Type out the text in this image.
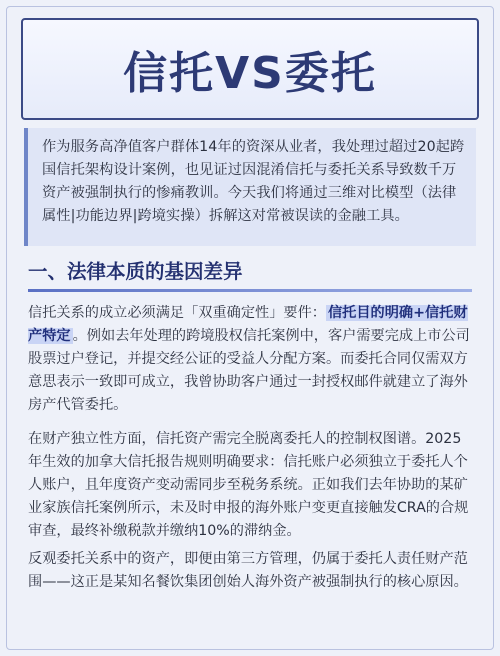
信托VS委托

作为服务高净值客户群体14年的资深从业者，我处理过超过20起跨国信托架构设计案例，也见证过因混淆信托与委托关系导致数千万资产被强制执行的惨痛教训。今天我们将通过三维对比模型（法律属性|功能边界|跨境实操）拆解这对常被误读的金融工具。

一、法律本质的基因差异

信托关系的成立必须满足「双重确定性」要件： 信托目的明确+信托财产特定 。例如去年处理的跨境股权信托案例中，客户需要完成上市公司股票过户登记，并提交经公证的受益人分配方案。而委托合同仅需双方意思表示一致即可成立，我曾协助客户通过一封授权邮件就建立了海外房产代管委托。

在财产独立性方面，信托资产需完全脱离委托人的控制权图谱。2025年生效的加拿大信托报告规则明确要求：信托账户必须独立于委托人个人账户，且年度资产变动需同步至税务系统。正如我们去年协助的某矿业家族信托案例所示，未及时申报的海外账户变更直接触发CRA的合规审查，最终补缴税款并缴纳10%的滞纳金。

反观委托关系中的资产，即便由第三方管理，仍属于委托人责任财产范围——这正是某知名餐饮集团创始人海外资产被强制执行的核心原因。
